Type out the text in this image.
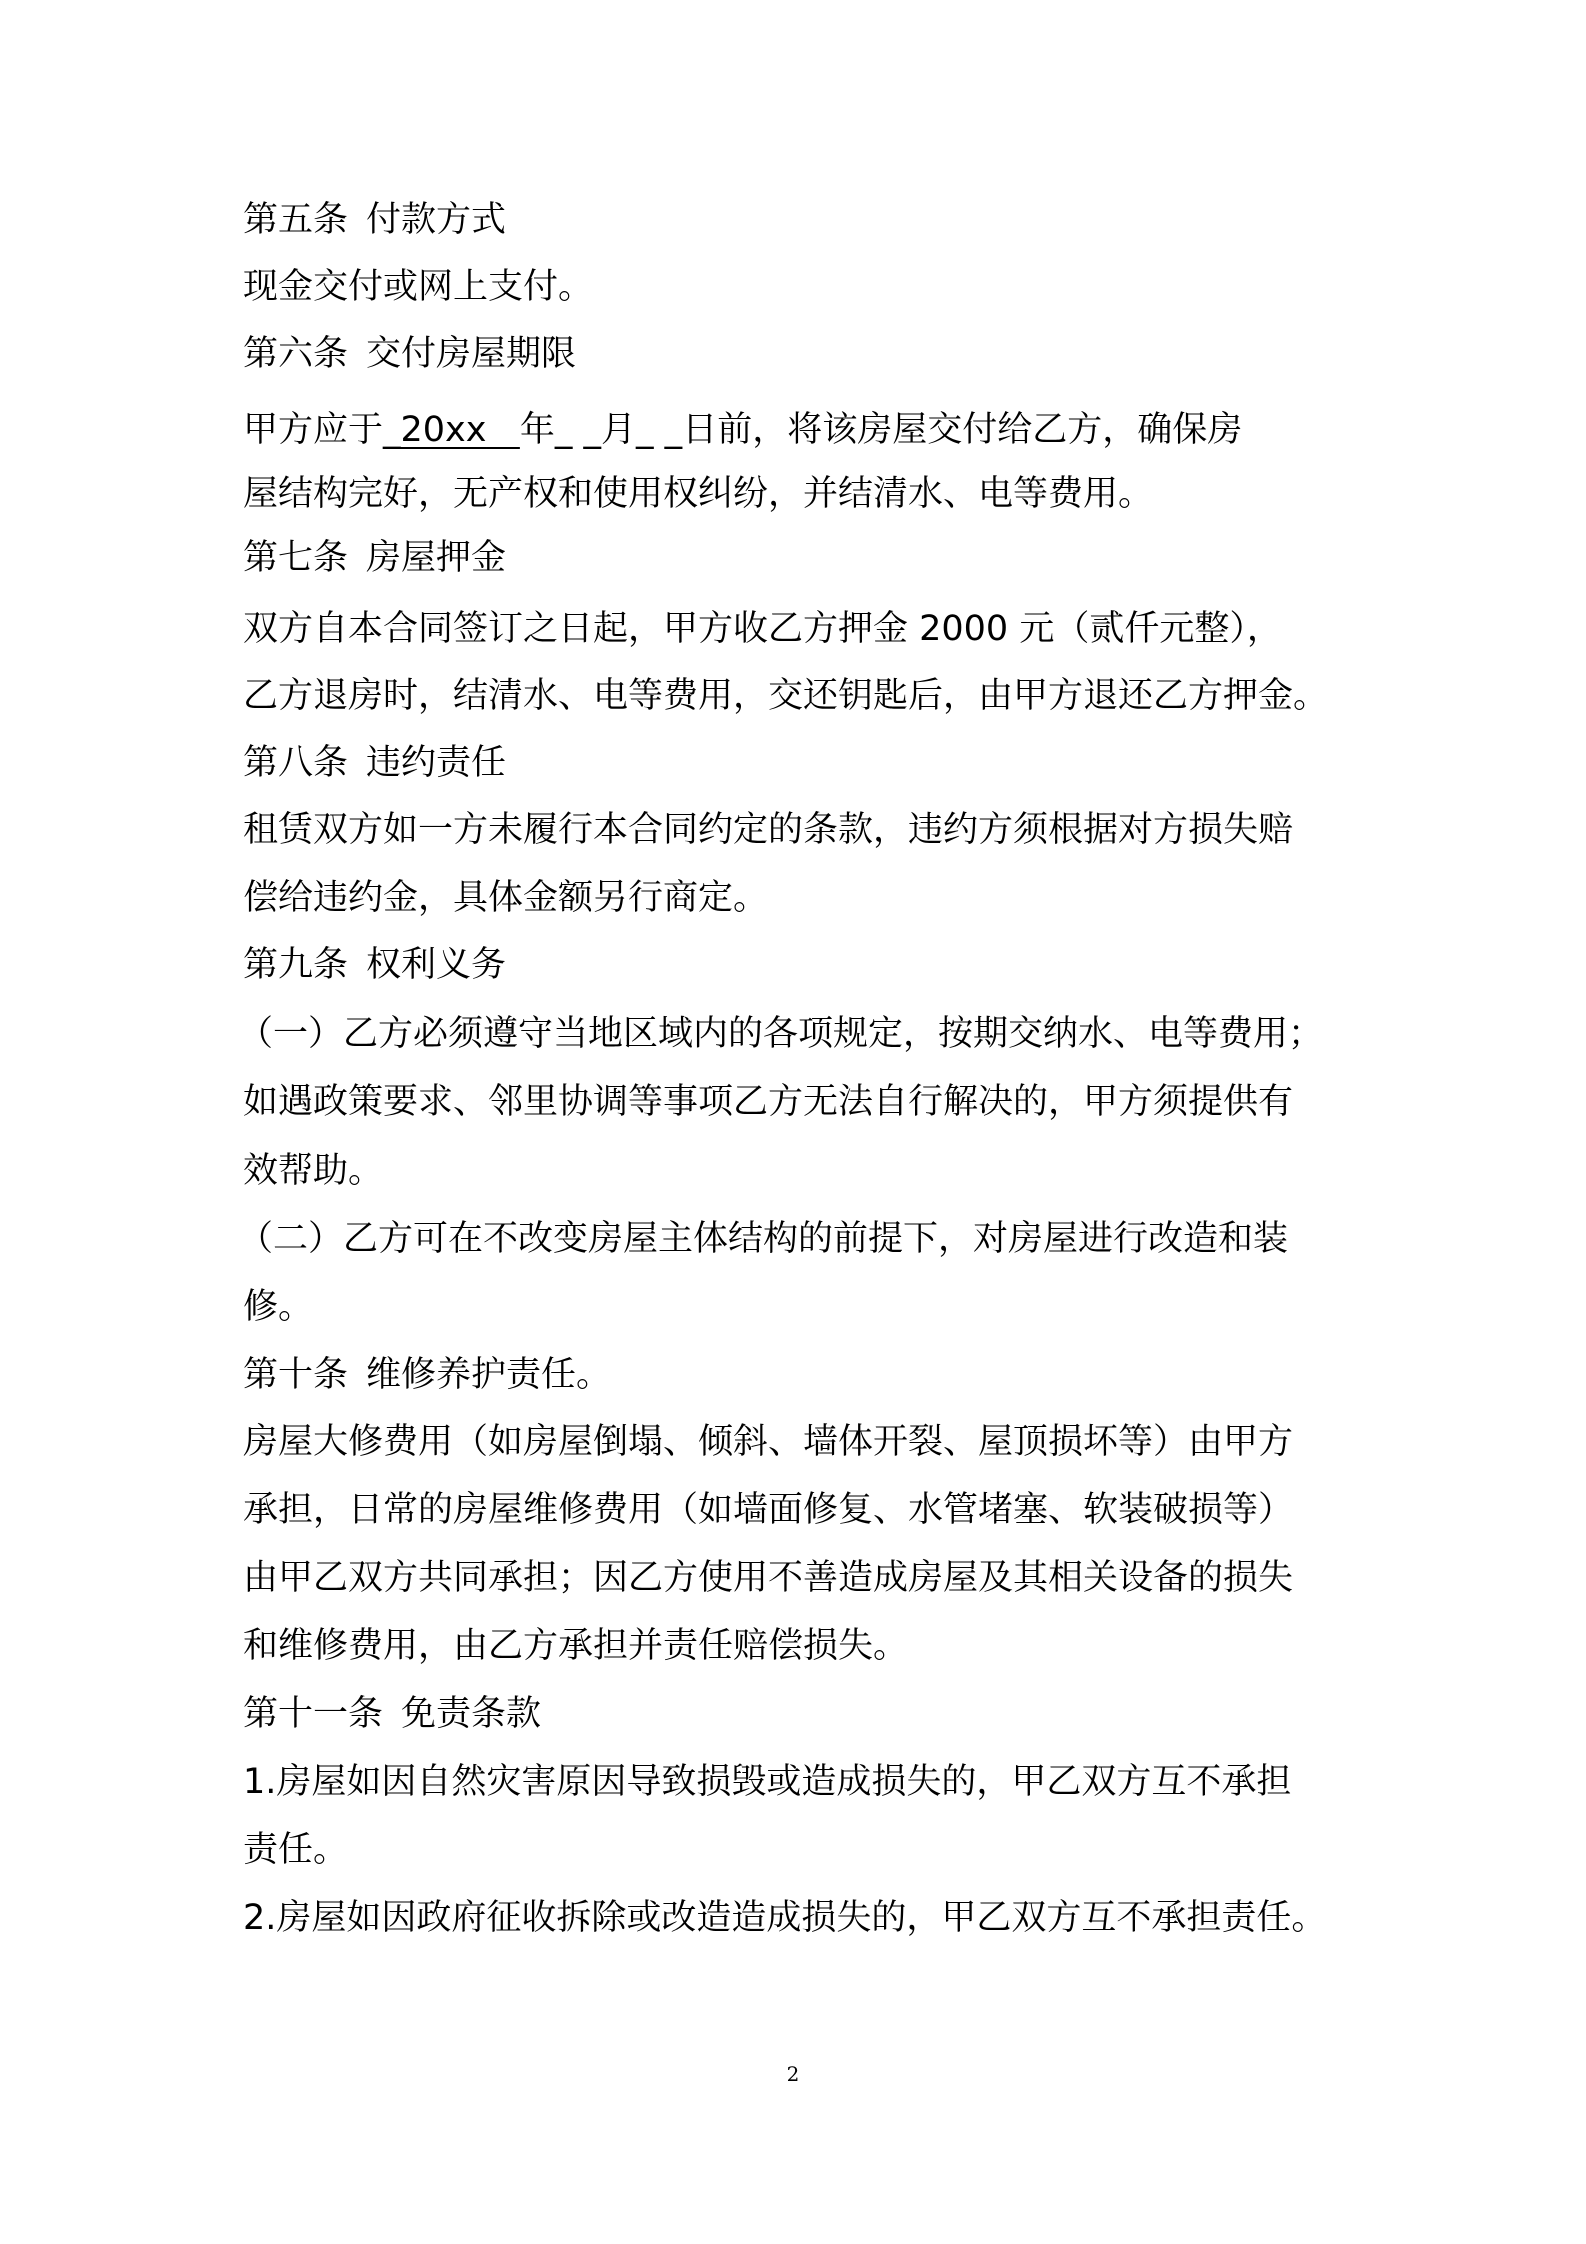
第五条 付款方式
现金交付或网上支付。
第六条 交付房屋期限
甲方应于_20xx 年_ _月_ _日前，将该房屋交付给乙方，确保房
屋结构完好，无产权和使用权纠纷，并结清水、电等费用。
第七条 房屋押金
双方自本合同签订之日起，甲方收乙方押金 2000 元（贰仟元整），
乙方退房时，结清水、电等费用，交还钥匙后，由甲方退还乙方押金。
第八条 违约责任
租赁双方如一方未履行本合同约定的条款，违约方须根据对方损失赔
偿给违约金，具体金额另行商定。
第九条 权利义务
（一）乙方必须遵守当地区域内的各项规定，按期交纳水、电等费用；
如遇政策要求、邻里协调等事项乙方无法自行解决的，甲方须提供有
效帮助。
（二）乙方可在不改变房屋主体结构的前提下，对房屋进行改造和装
修。
第十条 维修养护责任。
房屋大修费用（如房屋倒塌、倾斜、墙体开裂、屋顶损坏等）由甲方
承担，日常的房屋维修费用（如墙面修复、水管堵塞、软装破损等）
由甲乙双方共同承担；因乙方使用不善造成房屋及其相关设备的损失
和维修费用，由乙方承担并责任赔偿损失。
第十一条 免责条款
1.房屋如因自然灾害原因导致损毁或造成损失的，甲乙双方互不承担
责任。
2.房屋如因政府征收拆除或改造造成损失的，甲乙双方互不承担责任。
2
